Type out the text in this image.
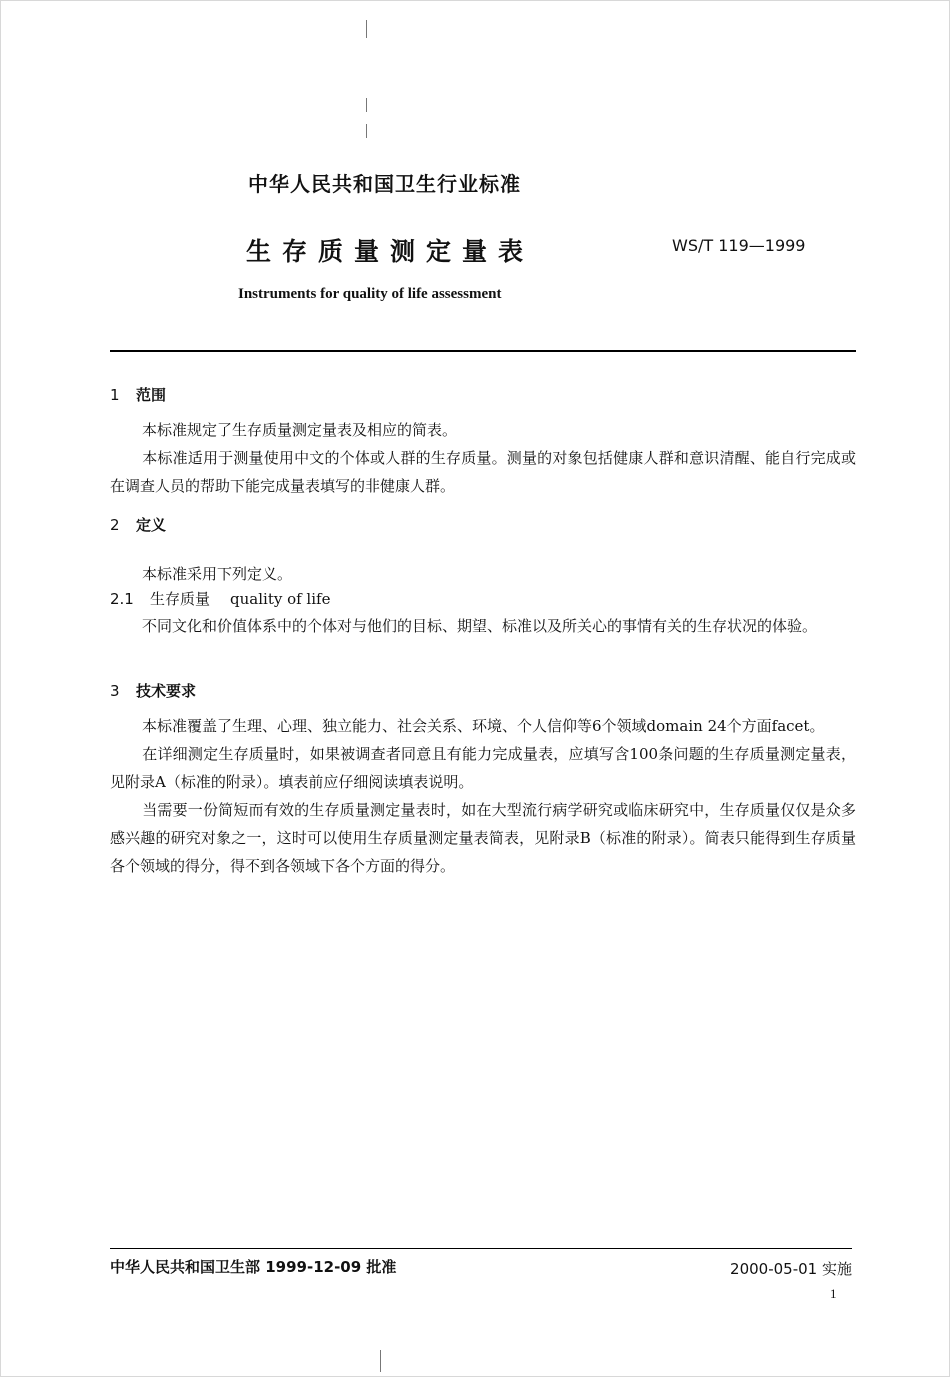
中华人民共和国卫生行业标准
生存质量测定量表	WS/T 119—1999
Instruments for quality of life assessment
1 范围
本标准规定了生存质量测定量表及相应的简表。
本标准适用于测量使用中文的个体或人群的生存质量。测量的对象包括健康人群和意识清醒、能自行完成或在调查人员的帮助下能完成量表填写的非健康人群。
2 定义
本标准采用下列定义。
2.1 生存质量 quality of life
不同文化和价值体系中的个体对与他们的目标、期望、标准以及所关心的事情有关的生存状况的体验。
3 技术要求
本标准覆盖了生理、心理、独立能力、社会关系、环境、个人信仰等6个领域domain 24个方面facet。
在详细测定生存质量时，如果被调查者同意且有能力完成量表，应填写含100条问题的生存质量测定量表，见附录A（标准的附录）。填表前应仔细阅读填表说明。
当需要一份简短而有效的生存质量测定量表时，如在大型流行病学研究或临床研究中，生存质量仅仅是众多感兴趣的研究对象之一，这时可以使用生存质量测定量表简表，见附录B（标准的附录）。简表只能得到生存质量各个领域的得分，得不到各领域下各个方面的得分。
中华人民共和国卫生部 1999-12-09 批准	2000-05-01 实施
1
